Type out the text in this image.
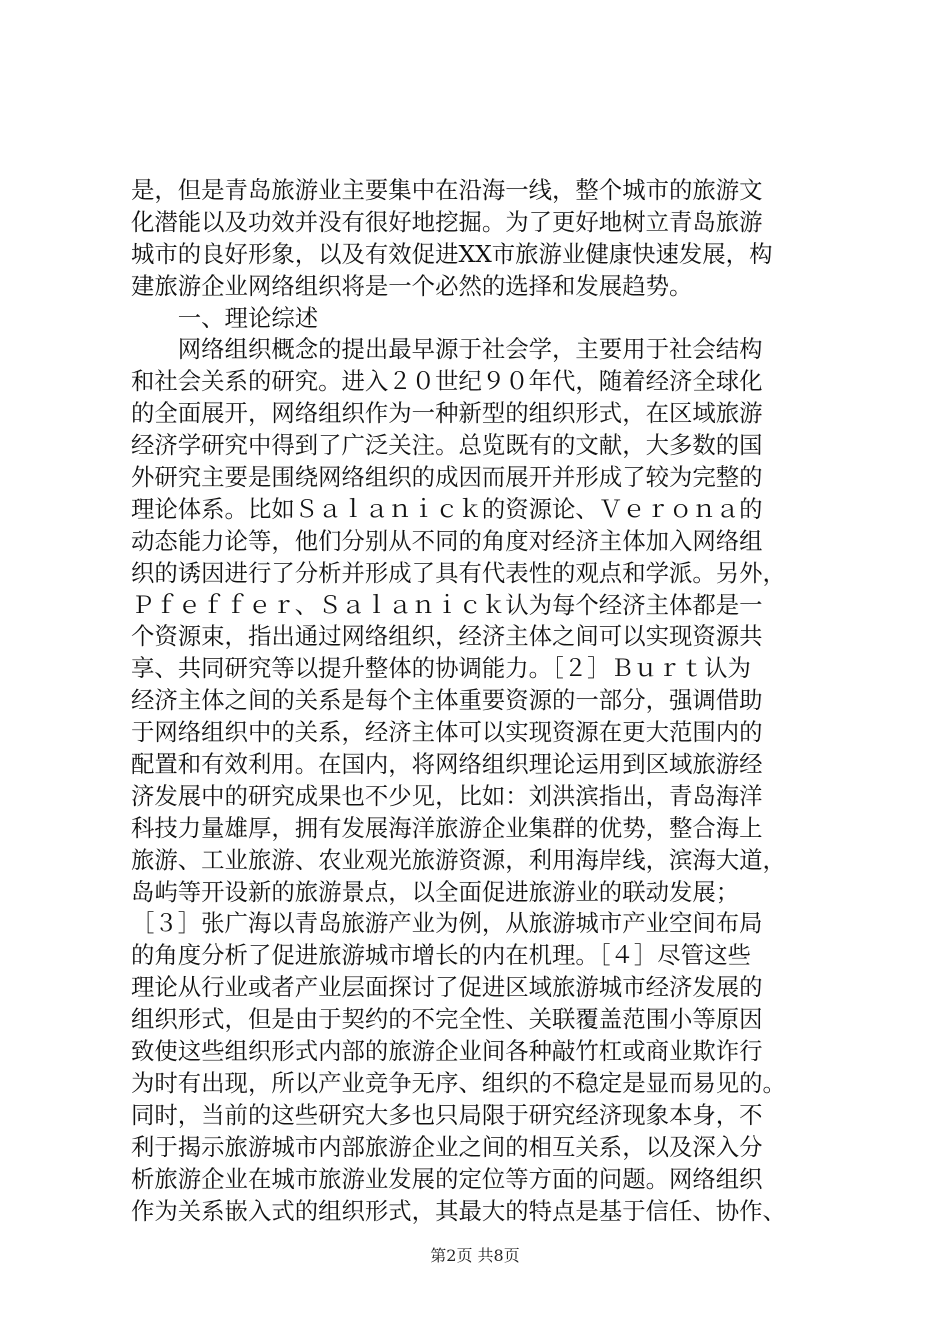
是，但是青岛旅游业主要集中在沿海一线，整个城市的旅游文
化潜能以及功效并没有很好地挖掘。为了更好地树立青岛旅游
城市的良好形象，以及有效促进XX市旅游业健康快速发展，构
建旅游企业网络组织将是一个必然的选择和发展趋势。
　　一、理论综述
　　网络组织概念的提出最早源于社会学，主要用于社会结构
和社会关系的研究。进入２０世纪９０年代，随着经济全球化
的全面展开，网络组织作为一种新型的组织形式，在区域旅游
经济学研究中得到了广泛关注。总览既有的文献，大多数的国
外研究主要是围绕网络组织的成因而展开并形成了较为完整的
理论体系。比如Ｓａｌａｎｉｃｋ的资源论、Ｖｅｒｏｎａ的
动态能力论等，他们分别从不同的角度对经济主体加入网络组
织的诱因进行了分析并形成了具有代表性的观点和学派。另外，
Ｐｆｅｆｆｅｒ、Ｓａｌａｎｉｃｋ认为每个经济主体都是一
个资源束，指出通过网络组织，经济主体之间可以实现资源共
享、共同研究等以提升整体的协调能力。［２］Ｂｕｒｔ认为
经济主体之间的关系是每个主体重要资源的一部分，强调借助
于网络组织中的关系，经济主体可以实现资源在更大范围内的
配置和有效利用。在国内，将网络组织理论运用到区域旅游经
济发展中的研究成果也不少见，比如：刘洪滨指出，青岛海洋
科技力量雄厚，拥有发展海洋旅游企业集群的优势，整合海上
旅游、工业旅游、农业观光旅游资源，利用海岸线，滨海大道，
岛屿等开设新的旅游景点，以全面促进旅游业的联动发展；
［３］张广海以青岛旅游产业为例，从旅游城市产业空间布局
的角度分析了促进旅游城市增长的内在机理。［４］尽管这些
理论从行业或者产业层面探讨了促进区域旅游城市经济发展的
组织形式，但是由于契约的不完全性、关联覆盖范围小等原因
致使这些组织形式内部的旅游企业间各种敲竹杠或商业欺诈行
为时有出现，所以产业竞争无序、组织的不稳定是显而易见的。
同时，当前的这些研究大多也只局限于研究经济现象本身，不
利于揭示旅游城市内部旅游企业之间的相互关系，以及深入分
析旅游企业在城市旅游业发展的定位等方面的问题。网络组织
作为关系嵌入式的组织形式，其最大的特点是基于信任、协作、
第2页 共8页
